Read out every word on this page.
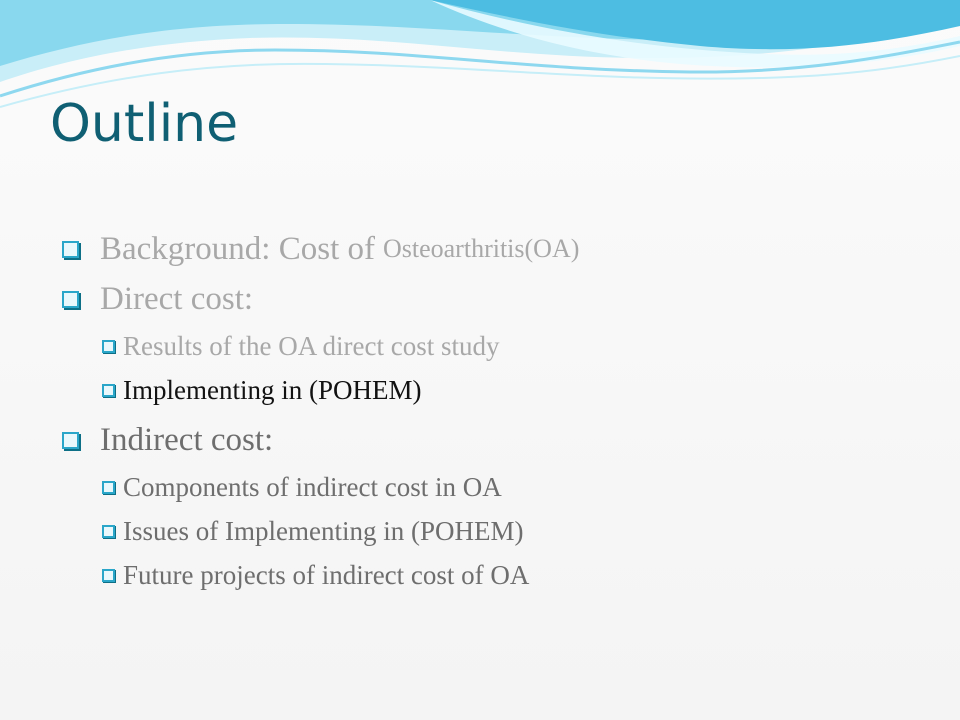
Outline
Background: Cost of Osteoarthritis(OA)
Direct cost:
Results of the OA direct cost study
Implementing in (POHEM)
Indirect cost:
Components of indirect cost in OA
Issues of Implementing in (POHEM)
Future projects of indirect cost of OA
